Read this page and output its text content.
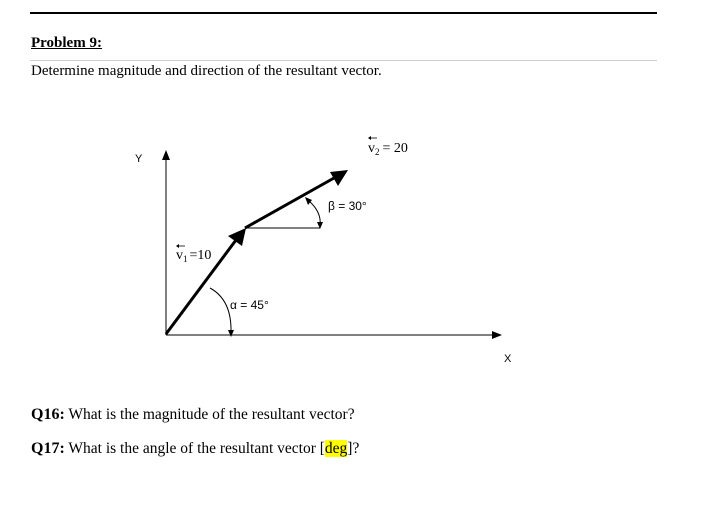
Problem 9:
Determine magnitude and direction of the resultant vector.
Y
X
$v_1 =10$
$v_2 = 20$
α = 45°
β = 30°
Q16: What is the magnitude of the resultant vector?
Q17: What is the angle of the resultant vector [deg]?
